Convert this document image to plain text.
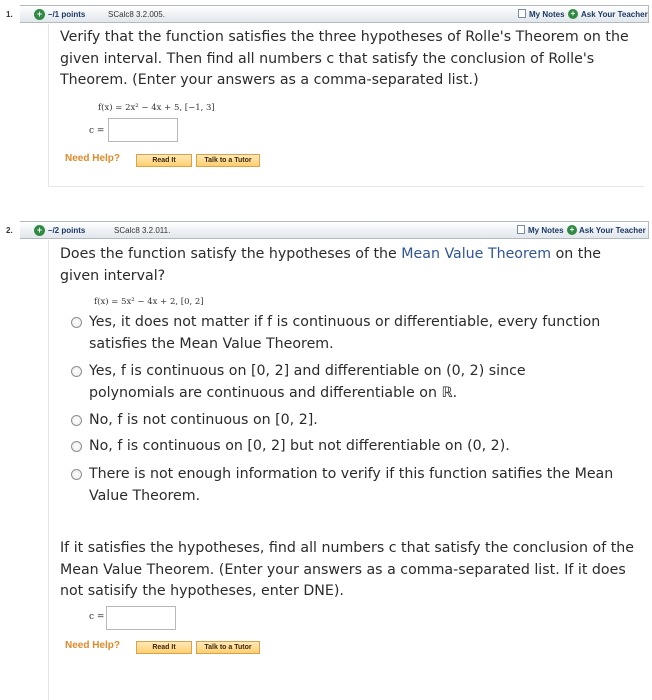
1.	+ –/1 points	SCalc8 3.2.005.	My Notes + Ask Your Teacher

Verify that the function satisfies the three hypotheses of Rolle's Theorem on the given interval. Then find all numbers c that satisfy the conclusion of Rolle's Theorem. (Enter your answers as a comma-separated list.)

f(x) = 2x² − 4x + 5, [−1, 3]
c =
Need Help?	Read It	Talk to a Tutor
2.	+ –/2 points	SCalc8 3.2.011.	My Notes + Ask Your Teacher

Does the function satisfy the hypotheses of the Mean Value Theorem on the given interval?

f(x) = 5x² − 4x + 2, [0, 2]

Yes, it does not matter if f is continuous or differentiable, every function satisfies the Mean Value Theorem.

Yes, f is continuous on [0, 2] and differentiable on (0, 2) since polynomials are continuous and differentiable on ℝ.

No, f is not continuous on [0, 2].

No, f is continuous on [0, 2] but not differentiable on (0, 2).

There is not enough information to verify if this function satifies the Mean Value Theorem.

If it satisfies the hypotheses, find all numbers c that satisfy the conclusion of the Mean Value Theorem. (Enter your answers as a comma-separated list. If it does not satisify the hypotheses, enter DNE).

c =
Need Help?	Read It	Talk to a Tutor
